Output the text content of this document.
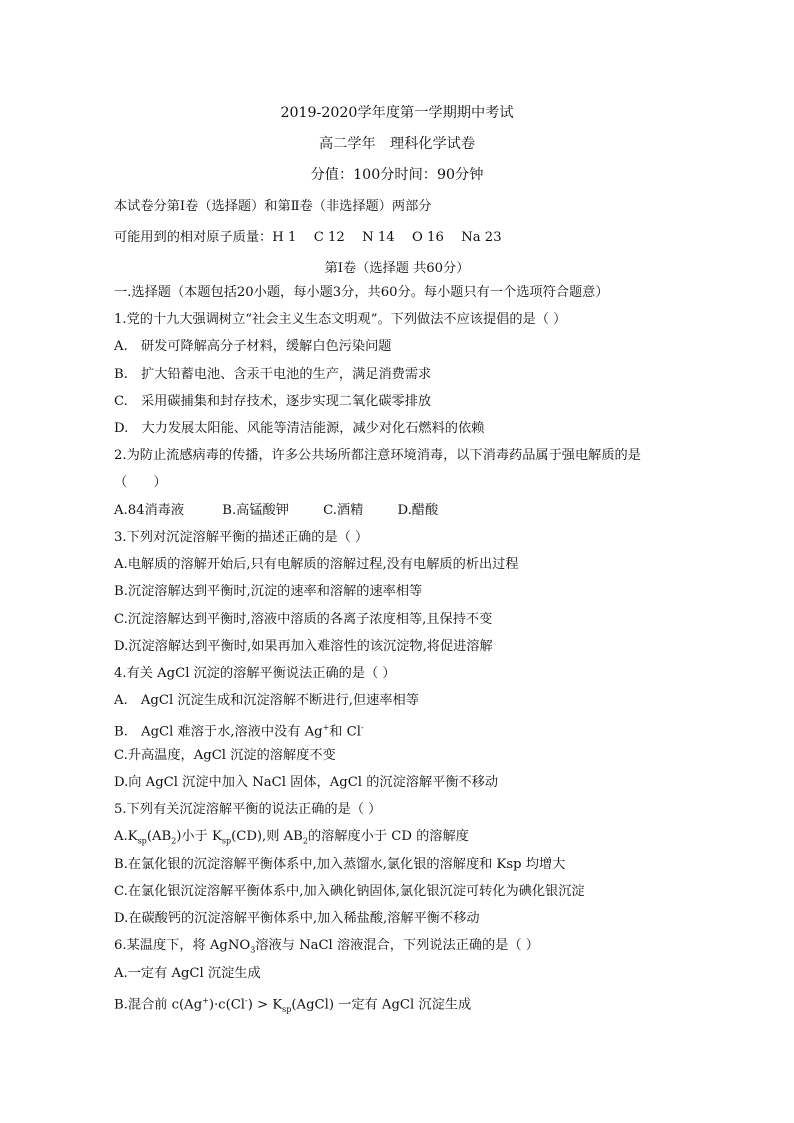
2019-2020学年度第一学期期中考试
高二学年　理科化学试卷
分值：100分时间：90分钟
本试卷分第Ⅰ卷（选择题）和第Ⅱ卷（非选择题）两部分
可能用到的相对原子质量：H 1　 C 12　 N 14　 O 16　 Na 23
第Ⅰ卷（选择题 共60分）
一.选择题（本题包括20小题，每小题3分，共60分。每小题只有一个选项符合题意）
1.党的十九大强调树立“社会主义生态文明观”。下列做法不应该提倡的是（ ）
A.　研发可降解高分子材料，缓解白色污染问题
B.　扩大铅蓄电池、含汞干电池的生产，满足消费需求
C.　采用碳捕集和封存技术，逐步实现二氧化碳零排放
D.　大力发展太阳能、风能等清洁能源，减少对化石燃料的依赖
2.为防止流感病毒的传播，许多公共场所都注意环境消毒，以下消毒药品属于强电解质的是
（　　）
A.84消毒液	B.高锰酸钾	C.酒精	D.醋酸
3.下列对沉淀溶解平衡的描述正确的是（ ）
A.电解质的溶解开始后,只有电解质的溶解过程,没有电解质的析出过程
B.沉淀溶解达到平衡时,沉淀的速率和溶解的速率相等
C.沉淀溶解达到平衡时,溶液中溶质的各离子浓度相等,且保持不变
D.沉淀溶解达到平衡时,如果再加入难溶性的该沉淀物,将促进溶解
4.有关 AgCl 沉淀的溶解平衡说法正确的是（ ）
A.　AgCl 沉淀生成和沉淀溶解不断进行,但速率相等
B.　AgCl 难溶于水,溶液中没有 Ag+和 Cl-
C.升高温度，AgCl 沉淀的溶解度不变
D.向 AgCl 沉淀中加入 NaCl 固体，AgCl 的沉淀溶解平衡不移动
5.下列有关沉淀溶解平衡的说法正确的是（ ）
$A.K_{sp}(AB_2)$小于 $K_{sp}(CD)$,则 $AB_2$的溶解度小于 CD 的溶解度
B.在氯化银的沉淀溶解平衡体系中,加入蒸馏水,氯化银的溶解度和 Ksp 均增大
C.在氯化银沉淀溶解平衡体系中,加入碘化钠固体,氯化银沉淀可转化为碘化银沉淀
D.在碳酸钙的沉淀溶解平衡体系中,加入稀盐酸,溶解平衡不移动
6.某温度下，将 AgNO$_3$溶液与 NaCl 溶液混合，下列说法正确的是（ ）
A.一定有 AgCl 沉淀生成
B.混合前 $c(Ag^+)\cdot c(Cl^-) > K_{sp}(AgCl)$ 一定有 AgCl 沉淀生成
